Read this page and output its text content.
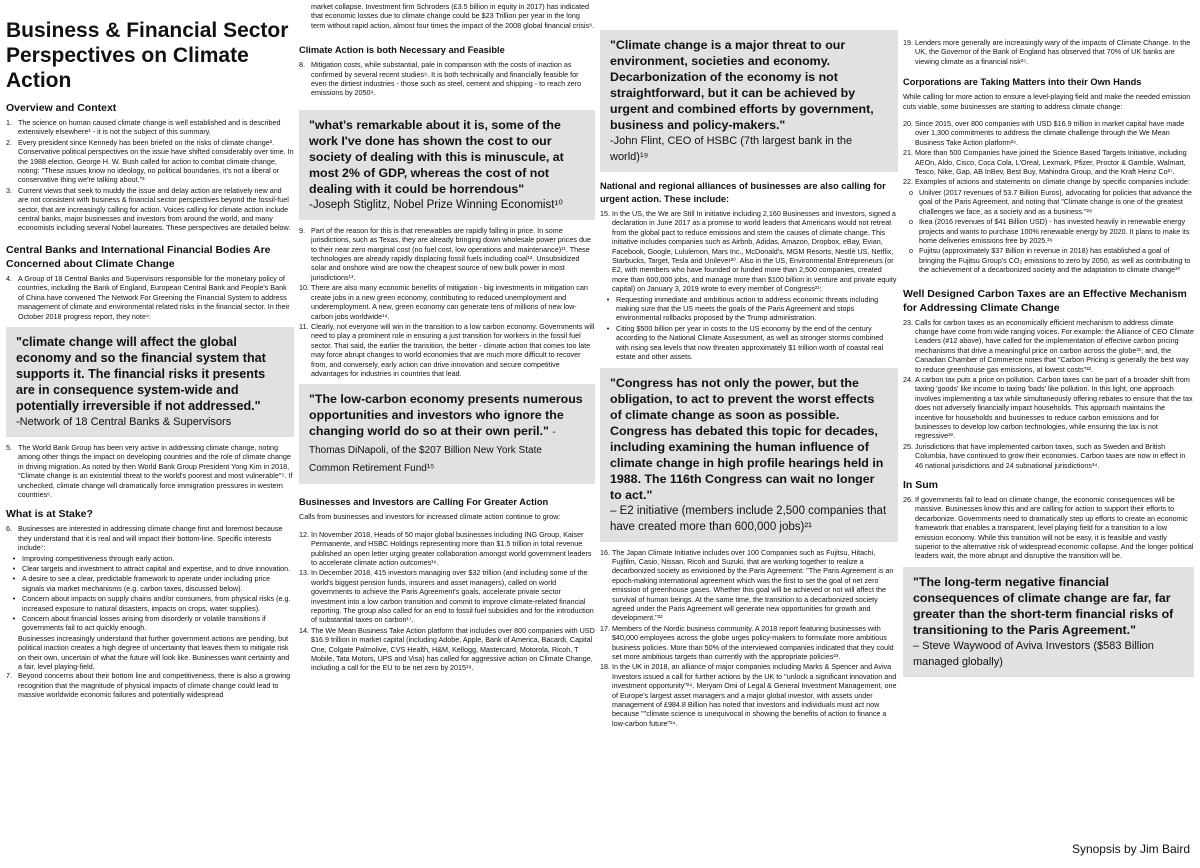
Business & Financial Sector Perspectives on Climate Action
Overview and Context
1. The science on human caused climate change is well established and is described extensively elsewhere¹ - it is not the subject of this summary.
2. Every president since Kennedy has been briefed on the risks of climate change². Conservative political perspectives on the issue have shifted considerably over time. In the 1988 election, George H. W. Bush called for action to combat climate change, noting: "These issues know no ideology, no political boundaries, it's not a liberal or conservative thing we're talking about."³
3. Current views that seek to muddy the issue and delay action are relatively new and are not consistent with business & financial sector perspectives beyond the fossil-fuel sector, that are increasingly calling for action. Voices calling for climate action include central banks, major businesses and investors from around the world, and many economists including several Nobel laureates. These perspectives are detailed below.
Central Banks and International Financial Bodies Are Concerned about Climate Change
4. A Group of 18 Central Banks and Supervisors responsible for the monetary policy of countries, including the Bank of England, European Central Bank and People's Bank of China have convened The Network For Greening the Financial System to address management of climate and environmental related risks in the financial sector. In their October 2018 progress report, they note⁴:
"climate change will affect the global economy and so the financial system that supports it. The financial risks it presents are in consequence system-wide and potentially irreversible if not addressed."
-Network of 18 Central Banks & Supervisors
5. The World Bank Group has been very active in addressing climate change, noting among other things the impact on developing countries and the role of climate change in driving migration. As noted by then World Bank Group President Yong Kim in 2018, "Climate change is an existential threat to the world's poorest and most vulnerable"⁵. If unchecked, climate change will dramatically force immigration pressures in western countries⁶.
What is at Stake?
6. Businesses are interested in addressing climate change first and foremost because they understand that it is real and will impact their bottom-line. Specific interests include⁷:
• Improving competitiveness through early action.
• Clear targets and investment to attract capital and expertise, and to drive innovation.
• A desire to see a clear, predictable framework to operate under including price signals via market mechanisms (e.g. carbon taxes, discussed below).
• Concern about impacts on supply chains and/or consumers, from physical risks (e.g. increased exposure to natural disasters, impacts on crops, water supplies).
• Concern about financial losses arising from disorderly or volatile transitions if governments fail to act quickly enough.
Businesses increasingly understand that further government actions are pending, but political inaction creates a high degree of uncertainty that leaves them to mitigate risk on their own, uncertain of what the future will look like. Businesses want certainty and a fair, level playing-field.
7. Beyond concerns about their bottom line and competitiveness, there is also a growing recognition that the magnitude of physical impacts of climate change could lead to massive worldwide economic failures and potentially widespread
market collapse. Investment firm Schroders (£3.5 billion in equity in 2017) has indicated that economic losses due to climate change could be $23 Trillion per year in the long term without rapid action, almost four times the impact of the 2008 global financial crisis⁸.
Climate Action is both Necessary and Feasible
8. Mitigation costs, while substantial, pale in comparison with the costs of inaction as confirmed by several recent studies⁹. It is both technically and financially feasible for even the dirtiest industries - those such as steel, cement and shipping - to reach zero emissions by 2050⁹.
"what's remarkable about it is, some of the work I've done has shown the cost to our society of dealing with this is minuscule, at most 2% of GDP, whereas the cost of not dealing with it could be horrendous"
-Joseph Stiglitz, Nobel Prize Winning Economist¹⁰
9. Part of the reason for this is that renewables are rapidly falling in price. In some jurisdictions, such as Texas, they are already bringing down wholesale power prices due to their near zero marginal cost (no fuel cost, low operations and maintenance)¹¹. These technologies are already rapidly displacing fossil fuels including coal¹². Unsubsidized solar and onshore wind are now the cheapest source of new bulk power in most jurisdictions¹³.
10. There are also many economic benefits of mitigation - big investments in mitigation can create jobs in a new green economy, contributing to reduced unemployment and underemployment. A new, green economy can generate tens of millions of new low-carbon jobs worldwide¹⁴.
11. Clearly, not everyone will win in the transition to a low carbon economy. Governments will need to play a prominent role in ensuring a just transition for workers in the fossil fuel sector. That said, the earlier the transition, the better - climate action that comes too late may force abrupt changes to world economies that are much more difficult to recover from, and conversely, early action can drive innovation and secure competitive advantages for industries in countries that lead.
"The low-carbon economy presents numerous opportunities and investors who ignore the changing world do so at their own peril." - Thomas DiNapoli, of the $207 Billion New York State Common Retirement Fund¹⁵
Businesses and Investors are Calling For Greater Action
Calls from businesses and investors for increased climate action continue to grow:
12. In November 2018, Heads of 50 major global businesses including ING Group, Kaiser Permanente, and HSBC Holdings representing more than $1.5 trillion in total revenue published an open letter urging greater collaboration amongst world government leaders to accelerate climate action outcomes¹⁶.
13. In December 2018, 415 investors managing over $32 trillion (and including some of the world's biggest pension funds, insurers and asset managers), called on world governments to achieve the Paris Agreement's goals, accelerate private sector investment into a low carbon transition and commit to improve climate-related financial reporting. The group also called for an end to fossil fuel subsidies and for the introduction of substantial taxes on carbon¹⁷.
14. The We Mean Business Take Action platform that includes over 800 companies with USD $16.9 trillion in market capital (including Adobe, Apple, Bank of America, Bacardi, Capital One, Colgate Palmolive, CVS Health, H&M, Kellogg, Mastercard, Motorola, Ricoh, T Mobile, Tata Motors, UPS and Visa) has called for aggressive action on Climate Change, including a call for the EU to be net zero by 2015¹⁸.
"Climate change is a major threat to our environment, societies and economy. Decarbonization of the economy is not straightforward, but it can be achieved by urgent and combined efforts by government, business and policy-makers."
-John Flint, CEO of HSBC (7th largest bank in the world)¹⁹
National and regional alliances of businesses are also calling for urgent action. These include:
15. In the US, the We are Still In initiative including 2,160 Businesses and Investors, signed a declaration in June 2017 as a promise to world leaders that Americans would not retreat from the global pact to reduce emissions and stem the causes of climate change. This initiative includes companies such as Airbnb, Adidas, Amazon, Dropbox, eBay, Evian, Facebook, Google, Lululemon, Mars Inc., McDonald's, MGM Resorts, Nestlé US, Netflix, Starbucks, Target, Tesla and Unilever²⁰. Also in the US, Environmental Entrepreneurs (or E2, with members who have founded or funded more than 2,500 companies, created more than 600,000 jobs, and manage more than $100 billion in venture and private equity capital) on January 3, 2019 wrote to every member of Congress²¹:
• Requesting immediate and ambitious action to address economic threats including making sure that the US meets the goals of the Paris Agreement and stops environmental rollbacks proposed by the Trump administration.
• Citing $500 billion per year in costs to the US economy by the end of the century according to the National Climate Assessment, as well as stronger storms combined with rising sea levels that now threaten approximately $1 trillion worth of coastal real estate and other assets.
"Congress has not only the power, but the obligation, to act to prevent the worst effects of climate change as soon as possible. Congress has debated this topic for decades, including examining the human influence of climate change in high profile hearings held in 1988. The 116th Congress can wait no longer to act."
– E2 initiative (members include 2,500 companies that have created more than 600,000 jobs)²¹
16. The Japan Climate Initiative includes over 100 Companies such as Fujitsu, Hitachi, Fujifilm, Casio, Nissan, Ricoh and Suzuki, that are working together to realize a decarbonized society as envisioned by the Paris Agreement: "The Paris Agreement is an epoch-making international agreement which was the first to set the goal of net zero emission of greenhouse gases. Whether this goal will be achieved or not will affect the survival of human beings. At the same time, the transition to a decarbonized society agreed under the Paris Agreement will generate new opportunities for growth and development."²²
17. Members of the Nordic business community. A 2018 report featuring businesses with $40,000 employees across the globe urges policy-makers to formulate more ambitious business policies. More than 50% of the interviewed companies indicated that they could set more ambitious targets than currently with the appropriate policies²³.
18. In the UK in 2018, an alliance of major companies including Marks & Spencer and Aviva Investors issued a call for further actions by the UK to "unlock a significant innovation and investment opportunity"²⁴. Meryam Omi of Legal & General Investment Management, one of Europe's largest asset managers and a major global investor, with assets under management of £984.8 Billion has noted that investors and individuals must act now because ""climate science is unequivocal in showing the benefits of action to finance a low-carbon future"²⁴.
19. Lenders more generally are increasingly wary of the impacts of Climate Change. In the UK, the Governor of the Bank of England has observed that 70% of UK banks are viewing climate as a financial risk²⁵.
Corporations are Taking Matters into their Own Hands
While calling for more action to ensure a level-playing field and make the needed emission cuts viable, some businesses are starting to address climate change:
20. Since 2015, over 800 companies with USD $16.9 trillion in market capital have made over 1,300 commitments to address the climate challenge through the We Mean Business Take Action platform²⁶.
21. More than 500 Companies have joined the Science Based Targets Initiative, including AEOn, Aldo, Cisco, Coca Cola, L'Oreal, Lexmark, Pfizer, Proctor & Gamble, Walmart, Tesco, Nike, Gap, AB InBev, Best Buy, Mahindra Group, and the Kraft Heinz Co²⁷.
22. Examples of actions and statements on climate change by specific companies include:
o Unilver (2017 revenues of 53.7 Billion Euros), advocating for policies that advance the goal of the Paris Agreement, and noting that "Climate change is one of the greatest challenges we face, as a society and as a business."²⁸
o Ikea (2016 revenues of $41 Billion USD) - has invested heavily in renewable energy projects and wants to purchase 100% renewable energy by 2020. It plans to make its home deliveries emissions free by 2025.²⁹
o Fujitsu (approximately $37 Billion in revenue in 2018) has established a goal of bringing the Fujitsu Group's CO₂ emissions to zero by 2050, as well as contributing to the achievement of a decarbonized society and the adaptation to climate change³⁰
Well Designed Carbon Taxes are an Effective Mechanism for Addressing Climate Change
23. Calls for carbon taxes as an economically efficient mechanism to address climate change have come from wide ranging voices. For example: the Alliance of CEO Climate Leaders (#12 above), have called for the implementation of effective carbon pricing mechanisms that drive a meaningful price on carbon across the globe³¹; and, the Canadian Chamber of Commerce notes that "Carbon Pricing is generally the best way to reduce greenhouse gas emissions, at lowest costs"³².
24. A carbon tax puts a price on pollution. Carbon taxes can be part of a broader shift from taxing 'goods' like income to taxing 'bads' like pollution. In this light, one approach involves implementing a tax while simultaneously offering rebates to ensure that the tax does not adversely financially impact households. This approach maintains the incentive for households and businesses to reduce carbon emissions and for businesses to develop low carbon technologies, while ensuring the tax is not regressive³³.
25. Jurisdictions that have implemented carbon taxes, such as Sweden and British Columbia, have continued to grow their economies. Carbon taxes are now in effect in 46 national jurisdictions and 24 subnational jurisdictions³⁴.
In Sum
26. If governments fail to lead on climate change, the economic consequences will be massive. Businesses know this and are calling for action to support their efforts to decarbonize. Governments need to dramatically step up efforts to create an economic framework that enables a transparent, level playing field for a transition to a low emission economy. While this transition will not be easy, it is feasible and vastly superior to the alternative risk of widespread economic collapse. And the longer political leaders wait, the more abrupt and disruptive the transition will be.
"The long-term negative financial consequences of climate change are far, far greater than the short-term financial risks of transitioning to the Paris Agreement."
– Steve Waywood of Aviva Investors ($583 Billion managed globally)
Synopsis by Jim Baird
